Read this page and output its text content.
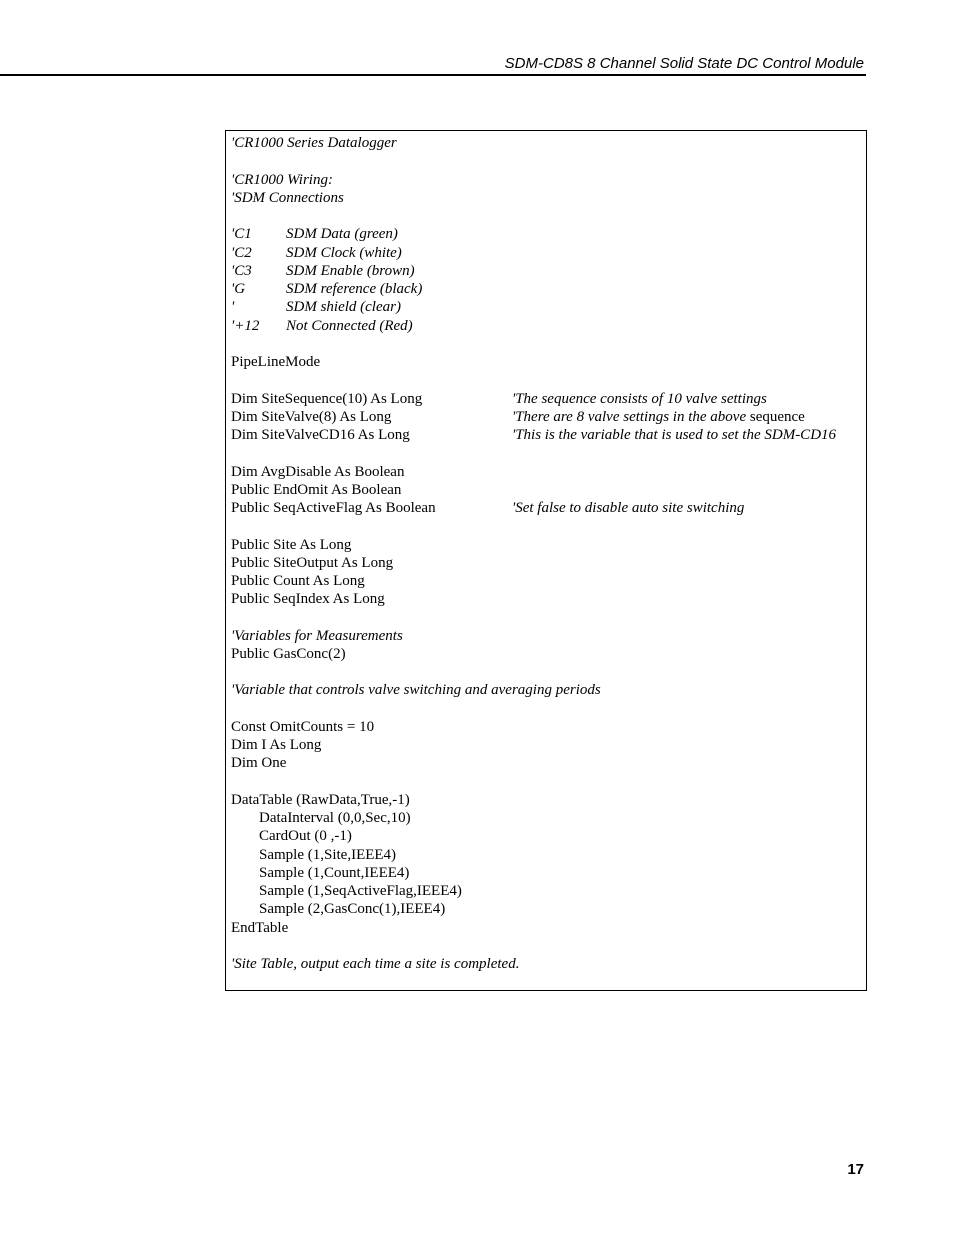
SDM-CD8S 8 Channel Solid State DC Control Module
'CR1000 Series Datalogger
'CR1000 Wiring:
'SDM Connections
'C1 SDM Data (green)
'C2 SDM Clock (white)
'C3 SDM Enable (brown)
'G	SDM reference (black)
'	SDM shield (clear)
'+12 Not Connected (Red)
PipeLineMode
Dim SiteSequence(10) As Long	'The sequence consists of 10 valve settings
Dim SiteValve(8) As Long	'There are 8 valve settings in the above sequence
Dim SiteValveCD16 As Long	'This is the variable that is used to set the SDM-CD16
Dim AvgDisable As Boolean
Public EndOmit As Boolean
Public SeqActiveFlag As Boolean	'Set false to disable auto site switching
Public Site As Long
Public SiteOutput As Long
Public Count As Long
Public SeqIndex As Long
'Variables for Measurements
Public GasConc(2)
'Variable that controls valve switching and averaging periods
Const OmitCounts = 10
Dim I As Long
Dim One
DataTable (RawData,True,-1)
DataInterval (0,0,Sec,10)
CardOut (0 ,-1)
Sample (1,Site,IEEE4)
Sample (1,Count,IEEE4)
Sample (1,SeqActiveFlag,IEEE4)
Sample (2,GasConc(1),IEEE4)
EndTable
'Site Table, output each time a site is completed.
17
